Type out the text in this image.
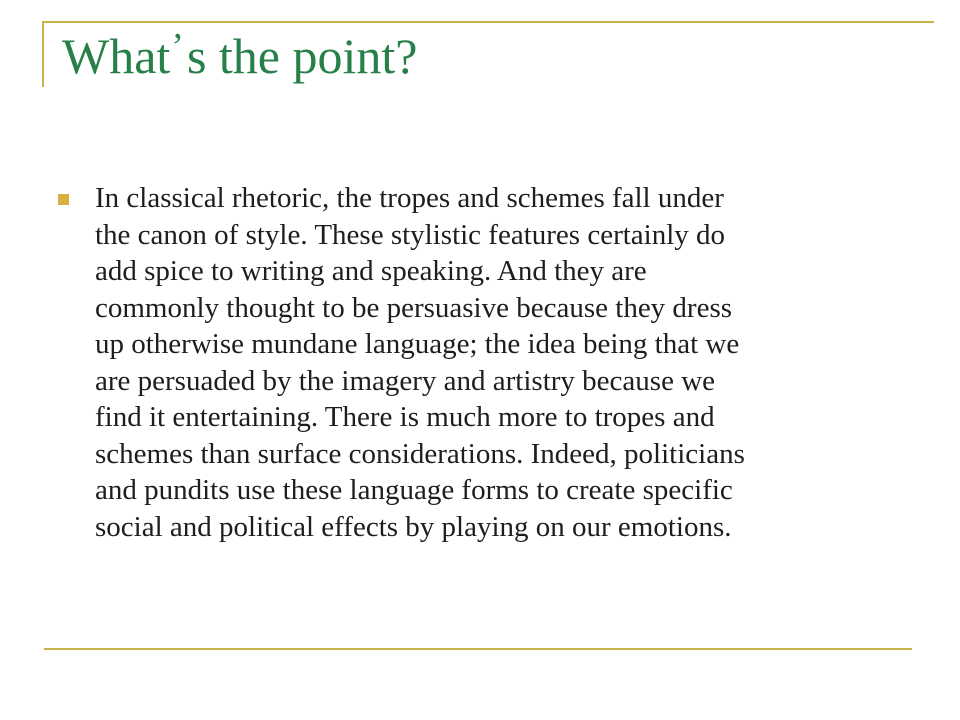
What’s the point?

In classical rhetoric, the tropes and schemes fall under
the canon of style. These stylistic features certainly do
add spice to writing and speaking. And they are
commonly thought to be persuasive because they dress
up otherwise mundane language; the idea being that we
are persuaded by the imagery and artistry because we
find it entertaining. There is much more to tropes and
schemes than surface considerations. Indeed, politicians
and pundits use these language forms to create specific
social and political effects by playing on our emotions.
